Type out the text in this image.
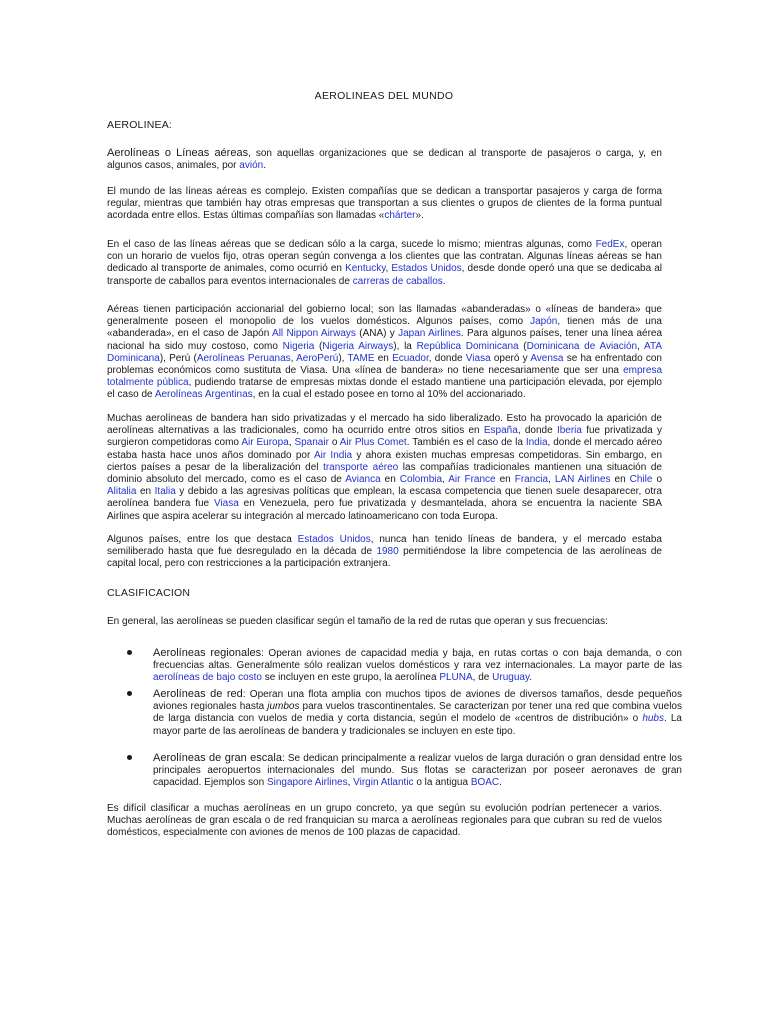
AEROLINEAS DEL MUNDO
AEROLINEA:
Aerolíneas o Líneas aéreas, son aquellas organizaciones que se dedican al transporte de pasajeros o carga, y, en algunos casos, animales, por avión.
El mundo de las líneas aéreas es complejo. Existen compañías que se dedican a transportar pasajeros y carga de forma regular, mientras que también hay otras empresas que transportan a sus clientes o grupos de clientes de la forma puntual acordada entre ellos. Estas últimas compañías son llamadas «chárter».
En el caso de las líneas aéreas que se dedican sólo a la carga, sucede lo mismo; mientras algunas, como FedEx, operan con un horario de vuelos fijo, otras operan según convenga a los clientes que las contratan. Algunas líneas aéreas se han dedicado al transporte de animales, como ocurrió en Kentucky, Estados Unidos, desde donde operó una que se dedicaba al transporte de caballos para eventos internacionales de carreras de caballos.
Aéreas tienen participación accionarial del gobierno local; son las llamadas «abanderadas» o «líneas de bandera» que generalmente poseen el monopolio de los vuelos domésticos. Algunos países, como Japón, tienen más de una «abanderada», en el caso de Japón All Nippon Airways (ANA) y Japan Airlines. Para algunos países, tener una línea aérea nacional ha sido muy costoso, como Nigeria (Nigeria Airways), la República Dominicana (Dominicana de Aviación, ATA Dominicana), Perú (Aerolíneas Peruanas, AeroPerú), TAME en Ecuador, donde Viasa operó y Avensa se ha enfrentado con problemas económicos como sustituta de Viasa. Una «línea de bandera» no tiene necesariamente que ser una empresa totalmente pública, pudiendo tratarse de empresas mixtas donde el estado mantiene una participación elevada, por ejemplo el caso de Aerolíneas Argentinas, en la cual el estado posee en torno al 10% del accionariado.
Muchas aerolíneas de bandera han sido privatizadas y el mercado ha sido liberalizado. Esto ha provocado la aparición de aerolíneas alternativas a las tradicionales, como ha ocurrido entre otros sitios en España, donde Iberia fue privatizada y surgieron competidoras como Air Europa, Spanair o Air Plus Comet. También es el caso de la India, donde el mercado aéreo estaba hasta hace unos años dominado por Air India y ahora existen muchas empresas competidoras. Sin embargo, en ciertos países a pesar de la liberalización del transporte aéreo las compañías tradicionales mantienen una situación de dominio absoluto del mercado, como es el caso de Avianca en Colombia, Air France en Francia, LAN Airlines en Chile o Alitalia en Italia y debido a las agresivas políticas que emplean, la escasa competencia que tienen suele desaparecer, otra aerolínea bandera fue Viasa en Venezuela, pero fue privatizada y desmantelada, ahora se encuentra la naciente SBA Airlines que aspira acelerar su integración al mercado latinoamericano con toda Europa.
Algunos países, entre los que destaca Estados Unidos, nunca han tenido líneas de bandera, y el mercado estaba semiliberado hasta que fue desregulado en la década de 1980 permitiéndose la libre competencia de las aerolíneas de capital local, pero con restricciones a la participación extranjera.
CLASIFICACION
En general, las aerolíneas se pueden clasificar según el tamaño de la red de rutas que operan y sus frecuencias:
Aerolíneas regionales: Operan aviones de capacidad media y baja, en rutas cortas o con baja demanda, o con frecuencias altas. Generalmente sólo realizan vuelos domésticos y rara vez internacionales. La mayor parte de las aerolíneas de bajo costo se incluyen en este grupo, la aerolínea PLUNA, de Uruguay.
Aerolíneas de red: Operan una flota amplia con muchos tipos de aviones de diversos tamaños, desde pequeños aviones regionales hasta jumbos para vuelos trascontinentales. Se caracterizan por tener una red que combina vuelos de larga distancia con vuelos de media y corta distancia, según el modelo de «centros de distribución» o hubs. La mayor parte de las aerolíneas de bandera y tradicionales se incluyen en este tipo.
Aerolíneas de gran escala: Se dedican principalmente a realizar vuelos de larga duración o gran densidad entre los principales aeropuertos internacionales del mundo. Sus flotas se caracterizan por poseer aeronaves de gran capacidad. Ejemplos son Singapore Airlines, Virgin Atlantic o la antigua BOAC.
Es difícil clasificar a muchas aerolíneas en un grupo concreto, ya que según su evolución podrían pertenecer a varios. Muchas aerolíneas de gran escala o de red franquician su marca a aerolíneas regionales para que cubran su red de vuelos domésticos, especialmente con aviones de menos de 100 plazas de capacidad.
